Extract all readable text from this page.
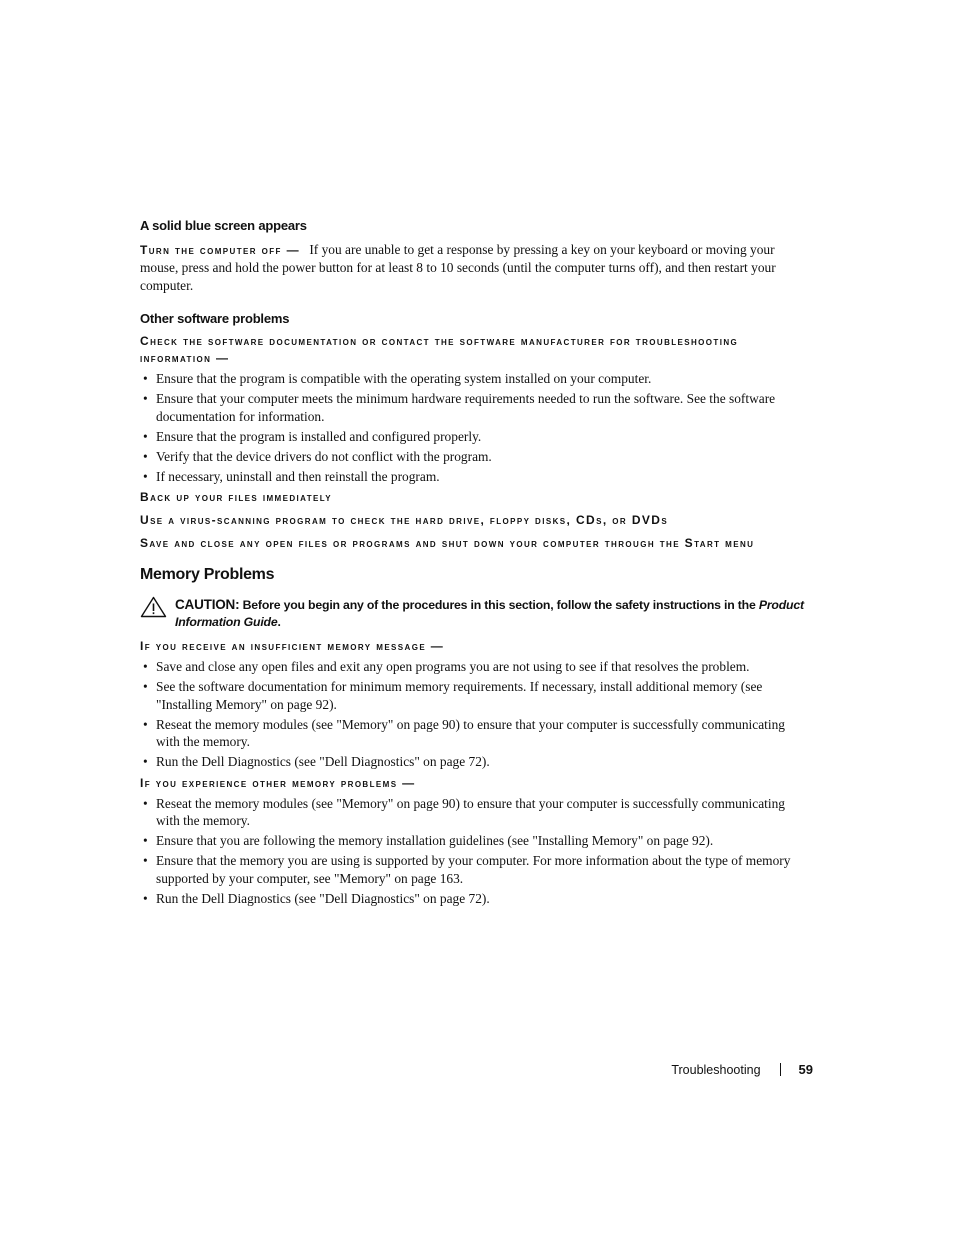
A solid blue screen appears

Turn the computer off — If you are unable to get a response by pressing a key on your keyboard or moving your mouse, press and hold the power button for at least 8 to 10 seconds (until the computer turns off), and then restart your computer.

Other software problems

Check the software documentation or contact the software manufacturer for troubleshooting information —

• Ensure that the program is compatible with the operating system installed on your computer.
• Ensure that your computer meets the minimum hardware requirements needed to run the software. See the software documentation for information.
• Ensure that the program is installed and configured properly.
• Verify that the device drivers do not conflict with the program.
• If necessary, uninstall and then reinstall the program.

Back up your files immediately

Use a virus-scanning program to check the hard drive, floppy disks, CDs, or DVDs

Save and close any open files or programs and shut down your computer through the Start menu

Memory Problems

CAUTION: Before you begin any of the procedures in this section, follow the safety instructions in the Product Information Guide.

If you receive an insufficient memory message —

• Save and close any open files and exit any open programs you are not using to see if that resolves the problem.
• See the software documentation for minimum memory requirements. If necessary, install additional memory (see "Installing Memory" on page 92).
• Reseat the memory modules (see "Memory" on page 90) to ensure that your computer is successfully communicating with the memory.
• Run the Dell Diagnostics (see "Dell Diagnostics" on page 72).

If you experience other memory problems —

• Reseat the memory modules (see "Memory" on page 90) to ensure that your computer is successfully communicating with the memory.
• Ensure that you are following the memory installation guidelines (see "Installing Memory" on page 92).
• Ensure that the memory you are using is supported by your computer. For more information about the type of memory supported by your computer, see "Memory" on page 163.
• Run the Dell Diagnostics (see "Dell Diagnostics" on page 72).
Troubleshooting	59
